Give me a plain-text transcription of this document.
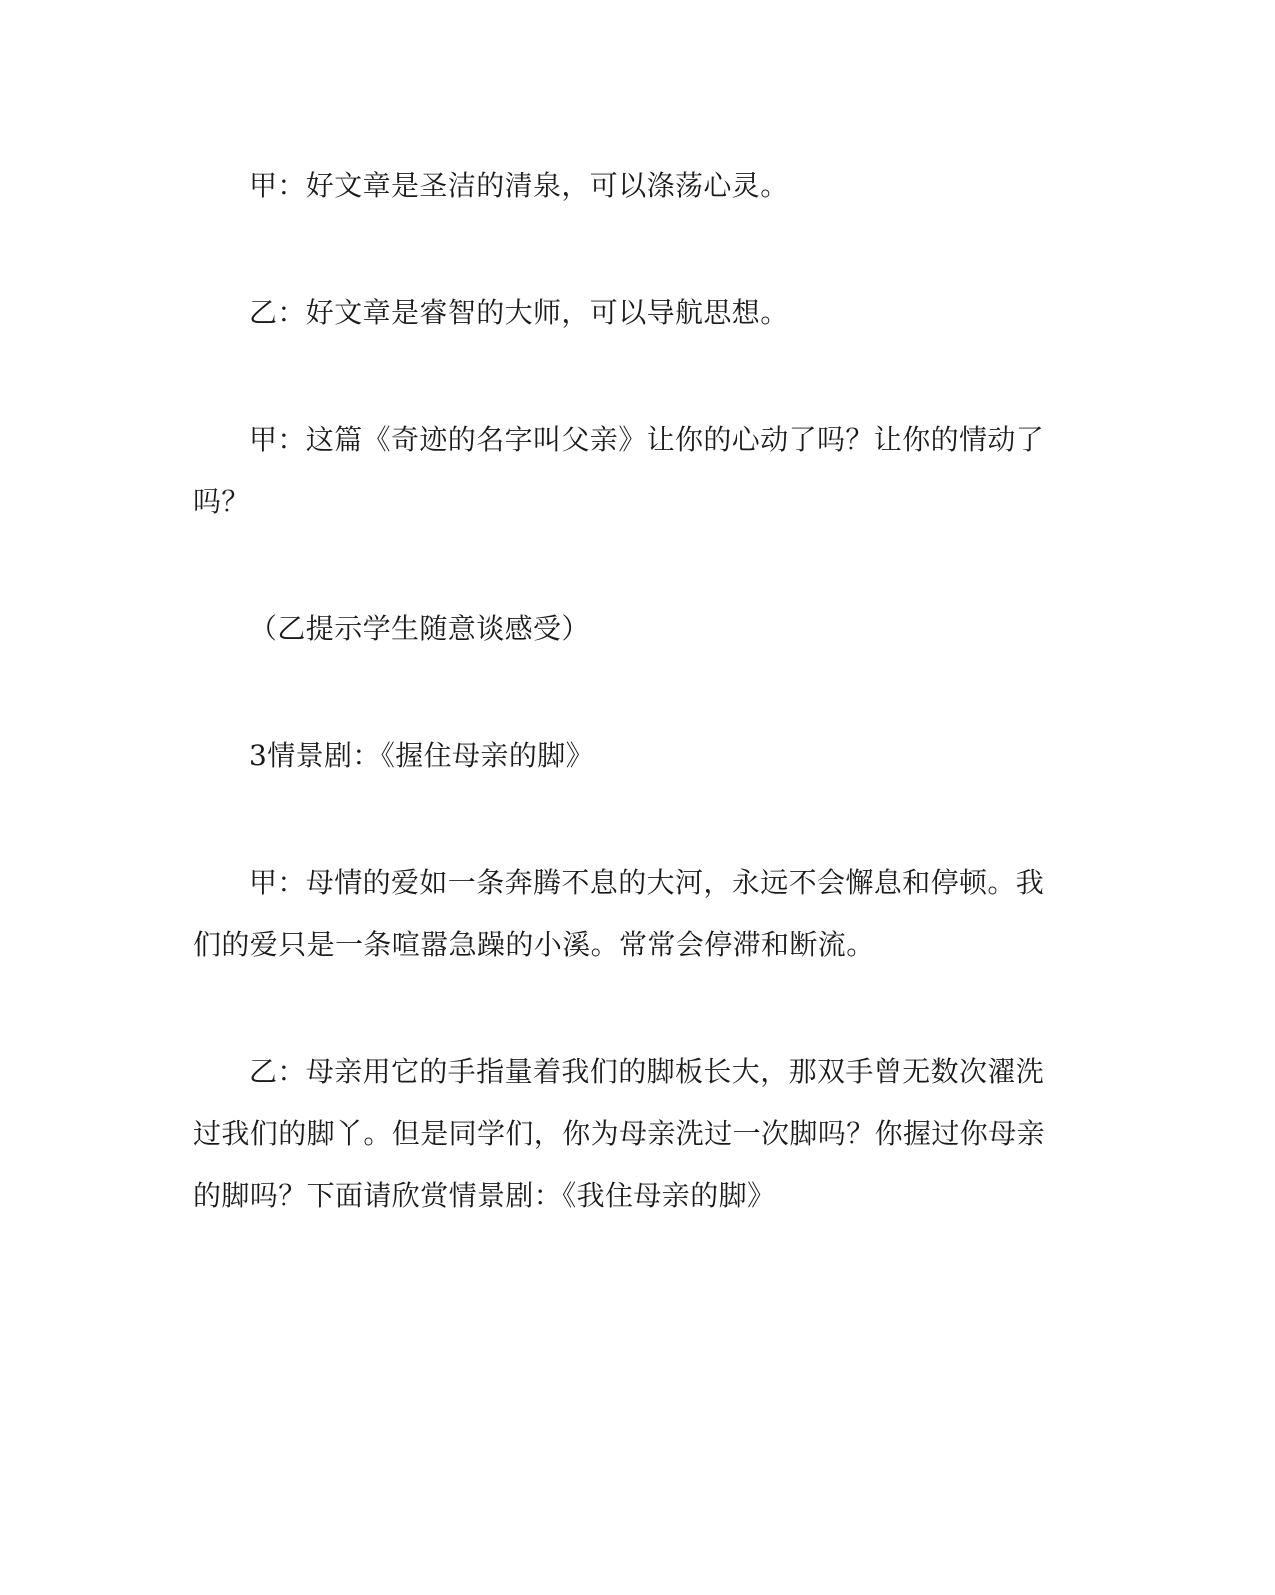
甲：好文章是圣洁的清泉，可以涤荡心灵。

乙：好文章是睿智的大师，可以导航思想。

甲：这篇《奇迹的名字叫父亲》让你的心动了吗？让你的情动了吗？

（乙提示学生随意谈感受）

3情景剧：《握住母亲的脚》

甲：母情的爱如一条奔腾不息的大河，永远不会懈息和停顿。我们的爱只是一条喧嚣急躁的小溪。常常会停滞和断流。

乙：母亲用它的手指量着我们的脚板长大，那双手曾无数次濯洗过我们的脚丫。但是同学们，你为母亲洗过一次脚吗？你握过你母亲的脚吗？下面请欣赏情景剧：《我住母亲的脚》
